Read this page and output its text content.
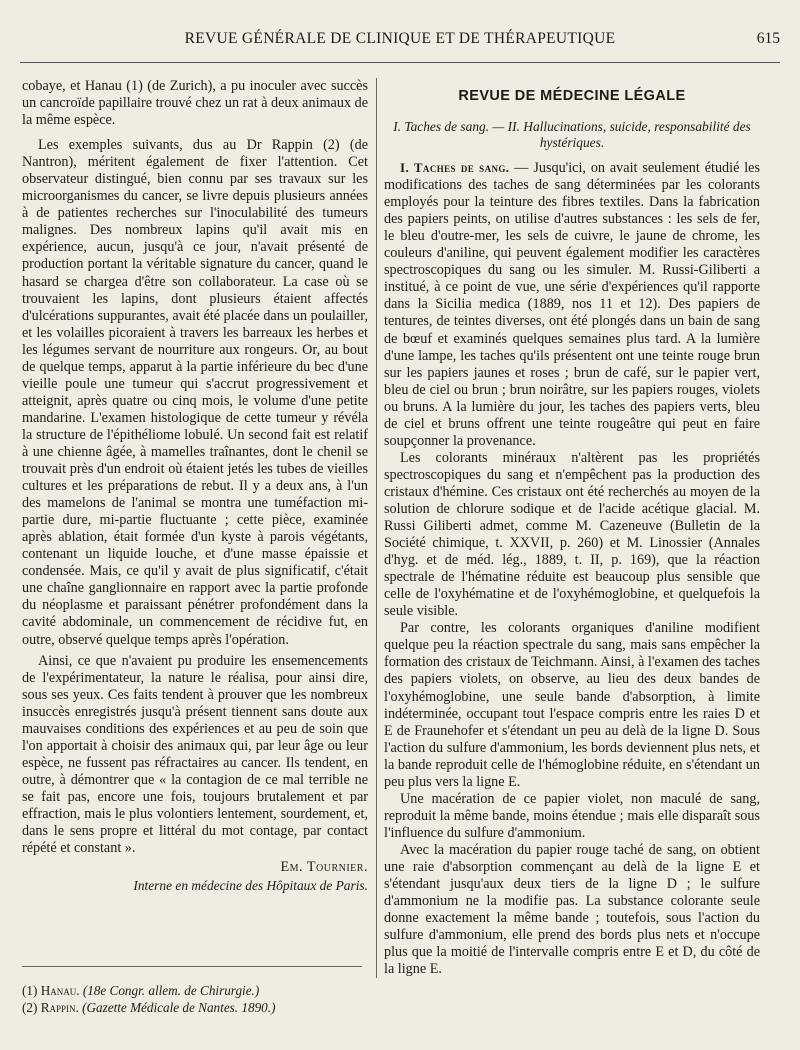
REVUE GÉNÉRALE DE CLINIQUE ET DE THÉRAPEUTIQUE	615

cobaye, et Hanau (1) (de Zurich), a pu inoculer avec succès un cancroïde papillaire trouvé chez un rat à deux animaux de la même espèce.

Les exemples suivants, dus au Dr Rappin (2) (de Nantron), méritent également de fixer l'attention. Cet observateur distingué, bien connu par ses travaux sur les microorganismes du cancer, se livre depuis plusieurs années à de patientes recherches sur l'inoculabilité des tumeurs malignes. Des nombreux lapins qu'il avait mis en expérience, aucun, jusqu'à ce jour, n'avait présenté de production portant la véritable signature du cancer, quand le hasard se chargea d'être son collaborateur. La case où se trouvaient les lapins, dont plusieurs étaient affectés d'ulcérations suppurantes, avait été placée dans un poulailler, et les volailles picoraient à travers les barreaux les herbes et les légumes servant de nourriture aux rongeurs. Or, au bout de quelque temps, apparut à la partie inférieure du bec d'une vieille poule une tumeur qui s'accrut progressivement et atteignit, après quatre ou cinq mois, le volume d'une petite mandarine. L'examen histologique de cette tumeur y révéla la structure de l'épithéliome lobulé. Un second fait est relatif à une chienne âgée, à mamelles traînantes, dont le chenil se trouvait près d'un endroit où étaient jetés les tubes de vieilles cultures et les préparations de rebut. Il y a deux ans, à l'un des mamelons de l'animal se montra une tuméfaction mi-partie dure, mi-partie fluctuante ; cette pièce, examinée après ablation, était formée d'un kyste à parois végétants, contenant un liquide louche, et d'une masse épaissie et condensée. Mais, ce qu'il y avait de plus significatif, c'était une chaîne ganglionnaire en rapport avec la partie profonde du néoplasme et paraissant pénétrer profondément dans la cavité abdominale, un commencement de récidive fut, en outre, observé quelque temps après l'opération.

Ainsi, ce que n'avaient pu produire les ensemencements de l'expérimentateur, la nature le réalisa, pour ainsi dire, sous ses yeux. Ces faits tendent à prouver que les nombreux insuccès enregistrés jusqu'à présent tiennent sans doute aux mauvaises conditions des expériences et au peu de soin que l'on apportait à choisir des animaux qui, par leur âge ou leur espèce, ne fussent pas réfractaires au cancer. Ils tendent, en outre, à démontrer que « la contagion de ce mal terrible ne se fait pas, encore une fois, toujours brutalement et par effraction, mais le plus volontiers lentement, sourdement, et, dans le sens propre et littéral du mot contage, par contact répété et constant ».

Em. Tournier.

Interne en médecine des Hôpitaux de Paris.

REVUE DE MÉDECINE LÉGALE
I. Taches de sang. — II. Hallucinations, suicide, responsabilité des hystériques.

I. Taches de sang. — Jusqu'ici, on avait seulement étudié les modifications des taches de sang déterminées par les colorants employés pour la teinture des fibres textiles. Dans la fabrication des papiers peints, on utilise d'autres substances : les sels de fer, le bleu d'outre-mer, les sels de cuivre, le jaune de chrome, les couleurs d'aniline, qui peuvent également modifier les caractères spectroscopiques du sang ou les simuler. M. Russi-Giliberti a institué, à ce point de vue, une série d'expériences qu'il rapporte dans la Sicilia medica (1889, nos 11 et 12). Des papiers de tentures, de teintes diverses, ont été plongés dans un bain de sang de bœuf et examinés quelques semaines plus tard. A la lumière d'une lampe, les taches qu'ils présentent ont une teinte rouge brun sur les papiers jaunes et roses ; brun de café, sur le papier vert, bleu de ciel ou brun ; brun noirâtre, sur les papiers rouges, violets ou bruns. A la lumière du jour, les taches des papiers verts, bleu de ciel et bruns offrent une teinte rougeâtre qui peut en faire soupçonner la provenance.

Les colorants minéraux n'altèrent pas les propriétés spectroscopiques du sang et n'empêchent pas la production des cristaux d'hémine. Ces cristaux ont été recherchés au moyen de la solution de chlorure sodique et de l'acide acétique glacial. M. Russi Giliberti admet, comme M. Cazeneuve (Bulletin de la Société chimique, t. XXVII, p. 260) et M. Linossier (Annales d'hyg. et de méd. lég., 1889, t. II, p. 169), que la réaction spectrale de l'hématine réduite est beaucoup plus sensible que celle de l'oxyhématine et de l'oxyhémoglobine, et quelquefois la seule visible.

Par contre, les colorants organiques d'aniline modifient quelque peu la réaction spectrale du sang, mais sans empêcher la formation des cristaux de Teichmann. Ainsi, à l'examen des taches des papiers violets, on observe, au lieu des deux bandes de l'oxyhémoglobine, une seule bande d'absorption, à limite indéterminée, occupant tout l'espace compris entre les raies D et E de Fraunehofer et s'étendant un peu au delà de la ligne D. Sous l'action du sulfure d'ammonium, les bords deviennent plus nets, et la bande reproduit celle de l'hémoglobine réduite, en s'étendant un peu plus vers la ligne E.

Une macération de ce papier violet, non maculé de sang, reproduit la même bande, moins étendue ; mais elle disparaît sous l'influence du sulfure d'ammonium.

Avec la macération du papier rouge taché de sang, on obtient une raie d'absorption commençant au delà de la ligne E et s'étendant jusqu'aux deux tiers de la ligne D ; le sulfure d'ammonium ne la modifie pas. La substance colorante seule donne exactement la même bande ; toutefois, sous l'action du sulfure d'ammonium, elle prend des bords plus nets et n'occupe plus que la moitié de l'intervalle compris entre E et D, du côté de la ligne E.

(1) Hanau. (18e Congr. allem. de Chirurgie.)
(2) Rappin. (Gazette Médicale de Nantes. 1890.)
